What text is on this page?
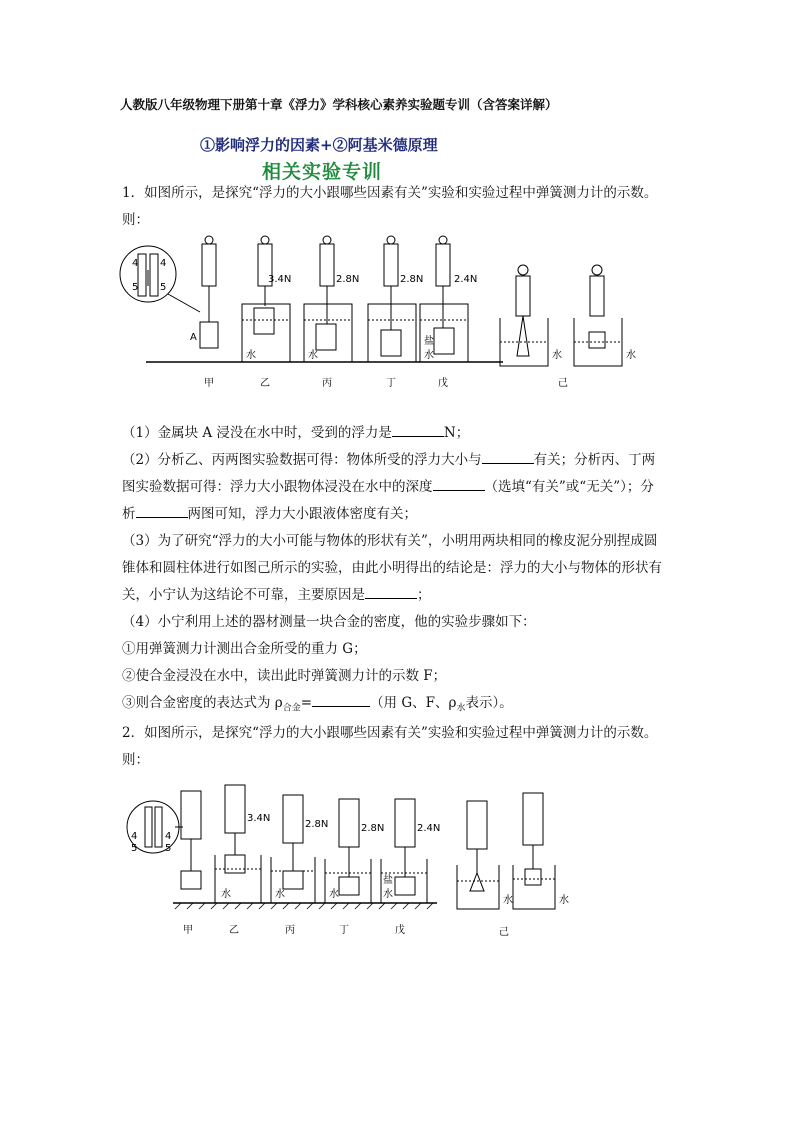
人教版八年级物理下册第十章《浮力》学科核心素养实验题专训（含答案详解）
①影响浮力的因素+②阿基米德原理
相关实验专训

1．如图所示，是探究“浮力的大小跟哪些因素有关”实验和实验过程中弹簧测力计的示数。

则：

4 4
5 5
A
3.4N	2.8N	2.8N	2.4N
水	水
盐
水	水	水
甲	乙	丙	丁	戊	己

（1）金属块 A 浸没在水中时，受到的浮力是	N；

（2）分析乙、丙两图实验数据可得：物体所受的浮力大小与	有关；分析丙、丁两

图实验数据可得：浮力大小跟物体浸没在水中的深度	（选填“有关”或“无关”）；分

析	两图可知，浮力大小跟液体密度有关；

（3）为了研究“浮力的大小可能与物体的形状有关”，小明用两块相同的橡皮泥分别捏成圆

锥体和圆柱体进行如图己所示的实验，由此小明得出的结论是：浮力的大小与物体的形状有

关，小宁认为这结论不可靠，主要原因是	；

（4）小宁利用上述的器材测量一块合金的密度，他的实验步骤如下：

①用弹簧测力计测出合金所受的重力 G；

②使合金浸没在水中，读出此时弹簧测力计的示数 F；

③则合金密度的表达式为 $\rho_{合金}=$	（用 G、F、$\rho_水$表示）。

2．如图所示，是探究“浮力的大小跟哪些因素有关”实验和实验过程中弹簧测力计的示数。

则：

4	4
5	5
3.4N
2.8N	2.8N	2.4N
水	水	水
盐
水
水	水
甲	乙	丙	丁	戊	己
